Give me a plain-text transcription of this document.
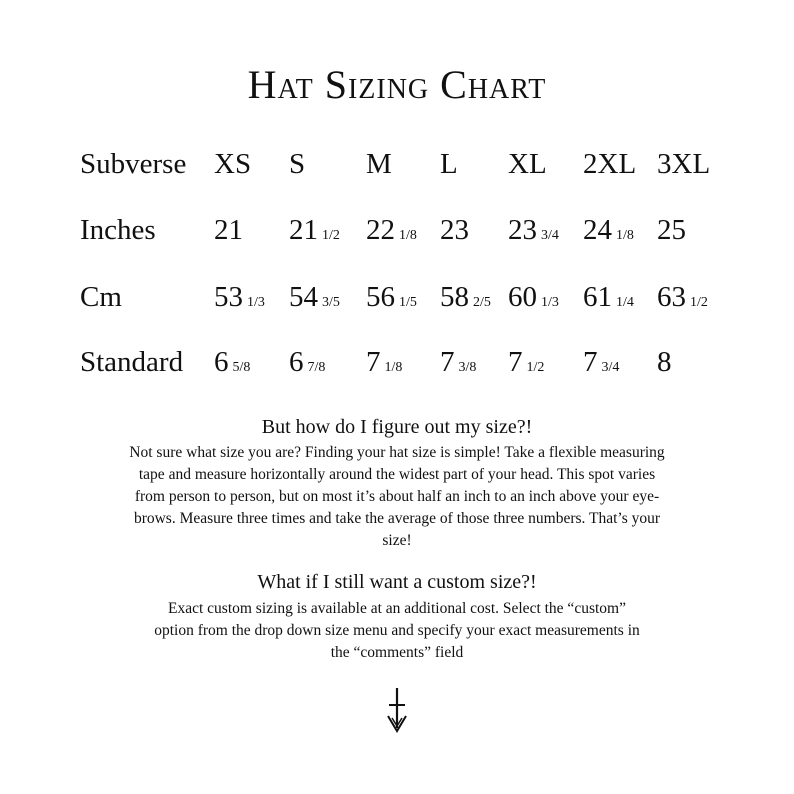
Hat Sizing Chart
Subverse
Inches
Cm
Standard
XS S M L XL 2XL 3XL
21 21 1/2 22 1/8 23 23 3/4 24 1/8 25
53 1/3 54 3/5 56 1/5 58 2/5 60 1/3 61 1/4 63 1/2
6 5/8 6 7/8 7 1/8 7 3/8 7 1/2 7 3/4 8
But how do I figure out my size?!
Not sure what size you are? Finding your hat size is simple! Take a flexible measuring
tape and measure horizontally around the widest part of your head. This spot varies
from person to person, but on most it’s about half an inch to an inch above your eye-
brows. Measure three times and take the average of those three numbers. That’s your
size!
What if I still want a custom size?!
Exact custom sizing is available at an additional cost. Select the “custom”
option from the drop down size menu and specify your exact measurements in
the “comments” field
